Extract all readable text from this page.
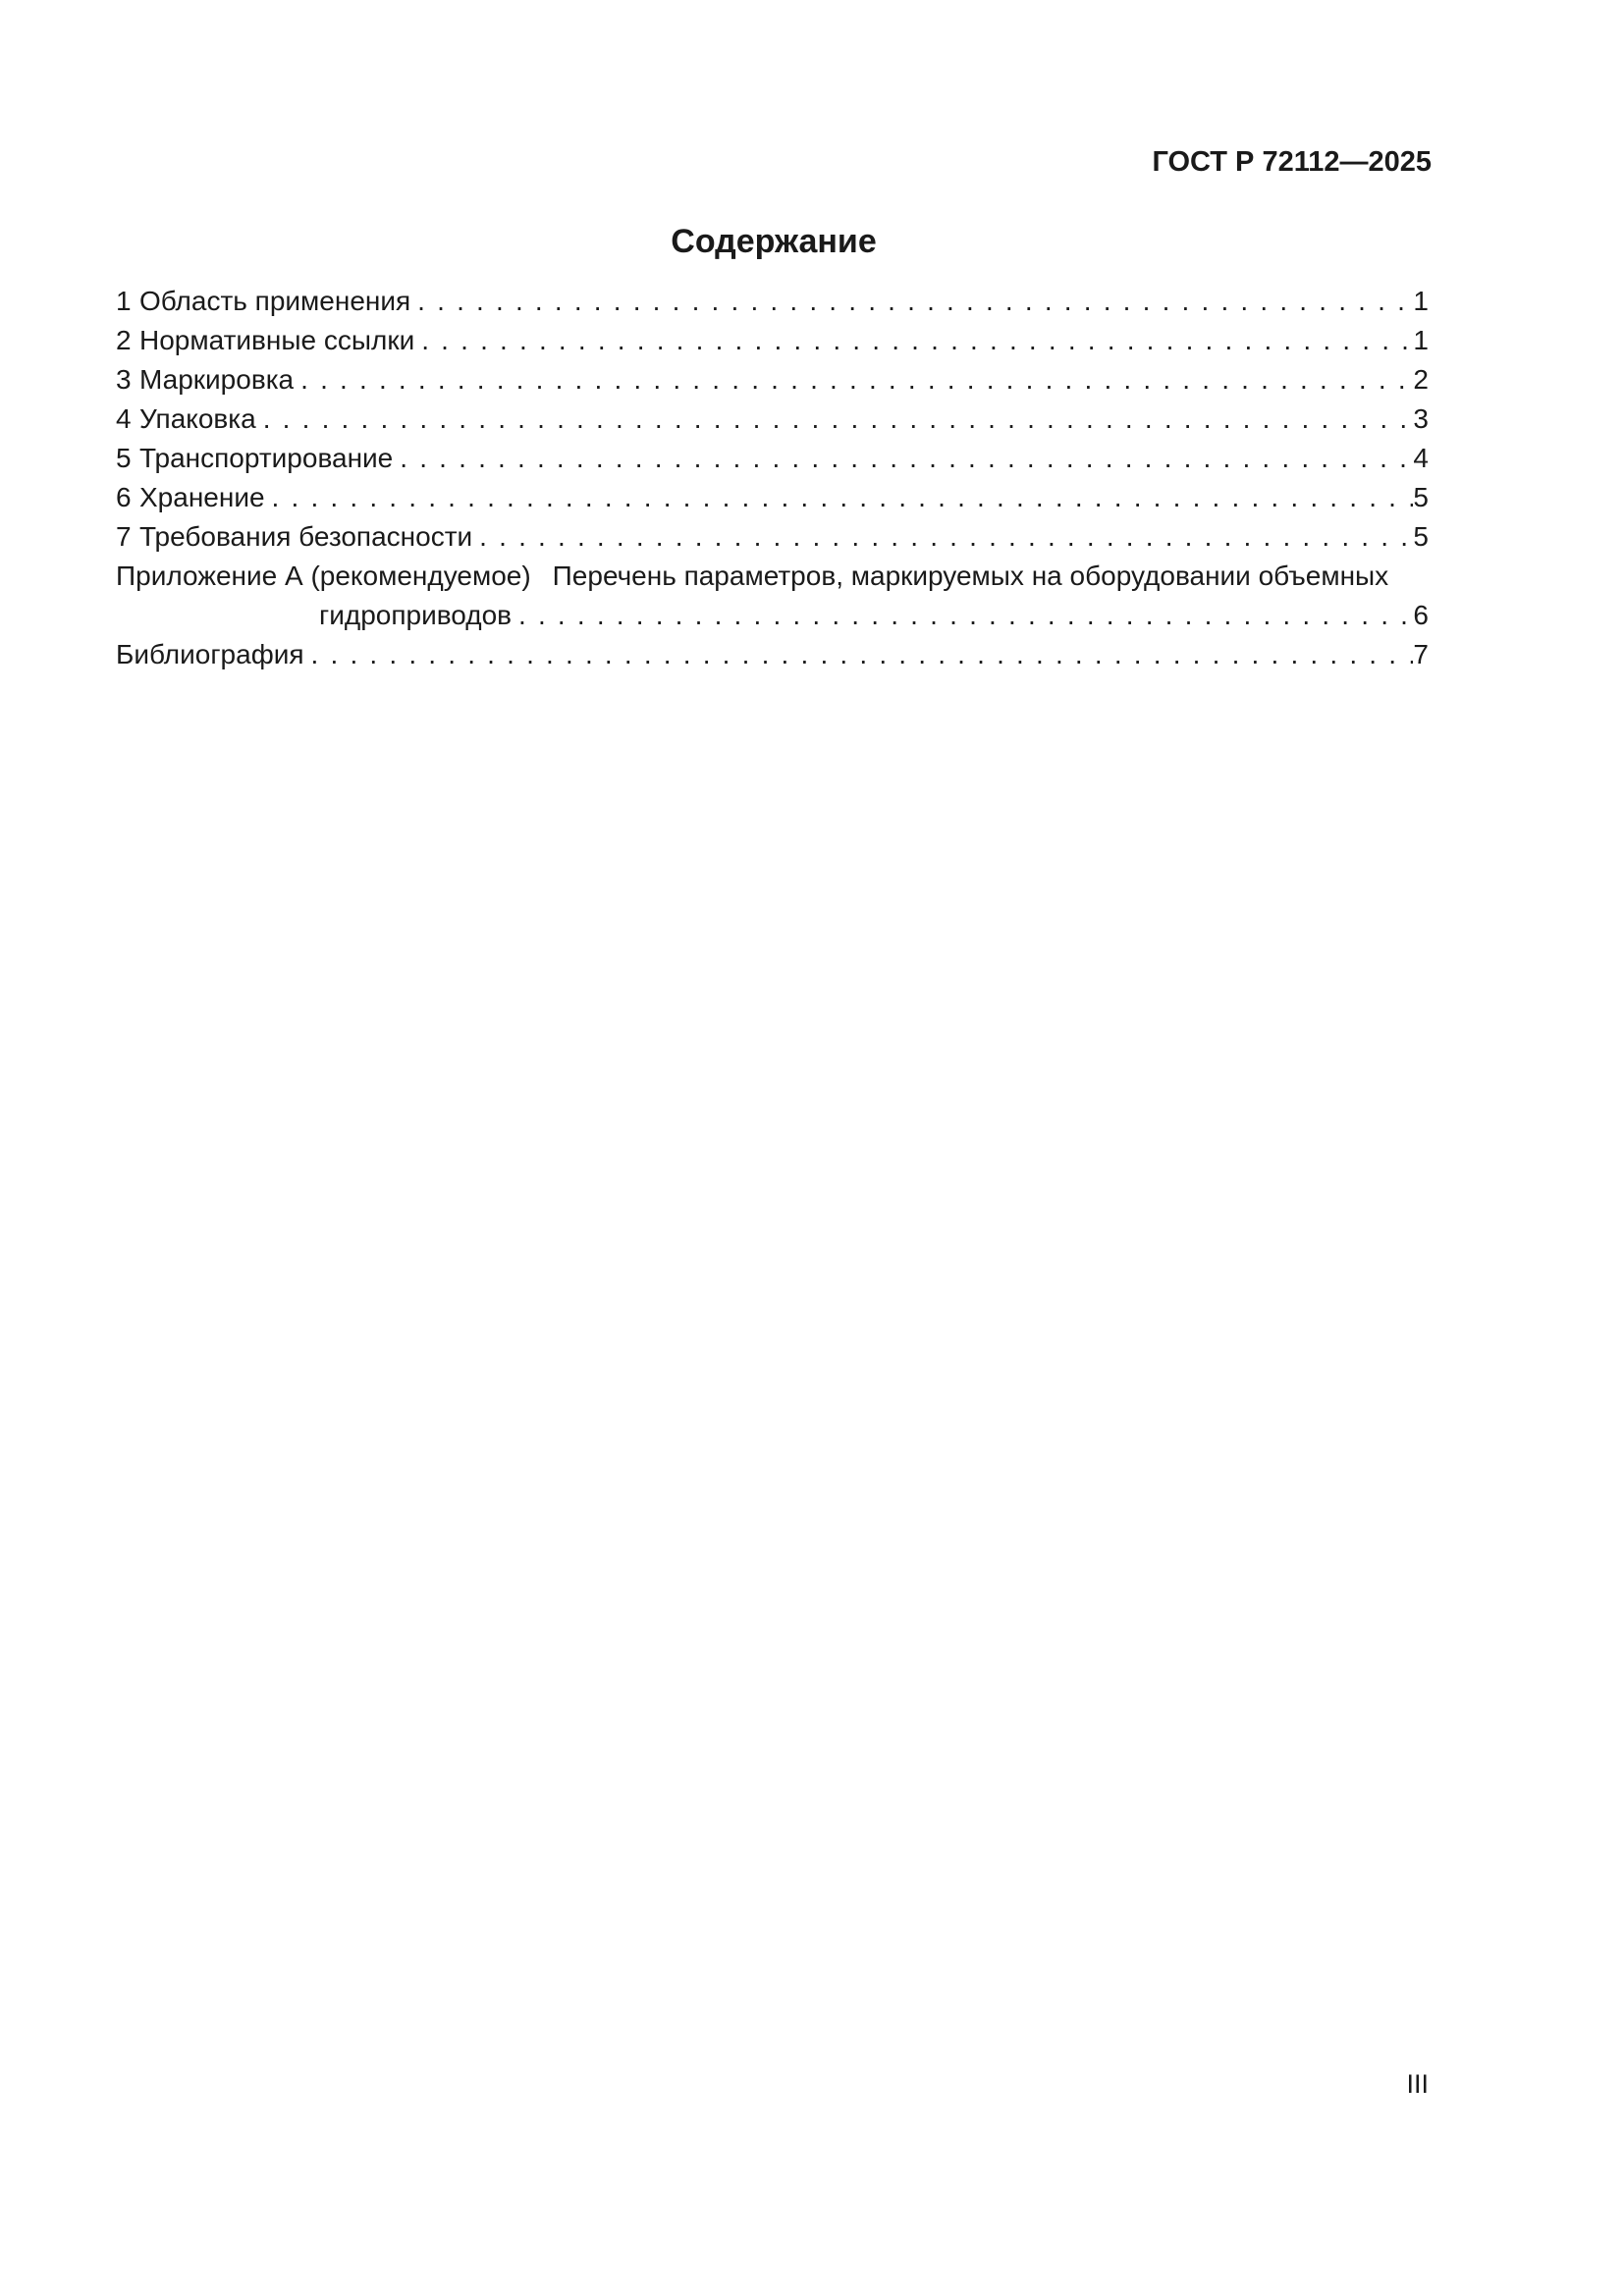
ГОСТ Р 72112—2025
Содержание
1 Область применения . . .	1
2 Нормативные ссылки . . .	1
3 Маркировка . . .	2
4 Упаковка . . .	3
5 Транспортирование . . .	4
6 Хранение . . .	5
7 Требования безопасности . . .	5
Приложение А (рекомендуемое) Перечень параметров, маркируемых на оборудовании объемных
гидроприводов . . .	6
Библиография . . .	7
III
